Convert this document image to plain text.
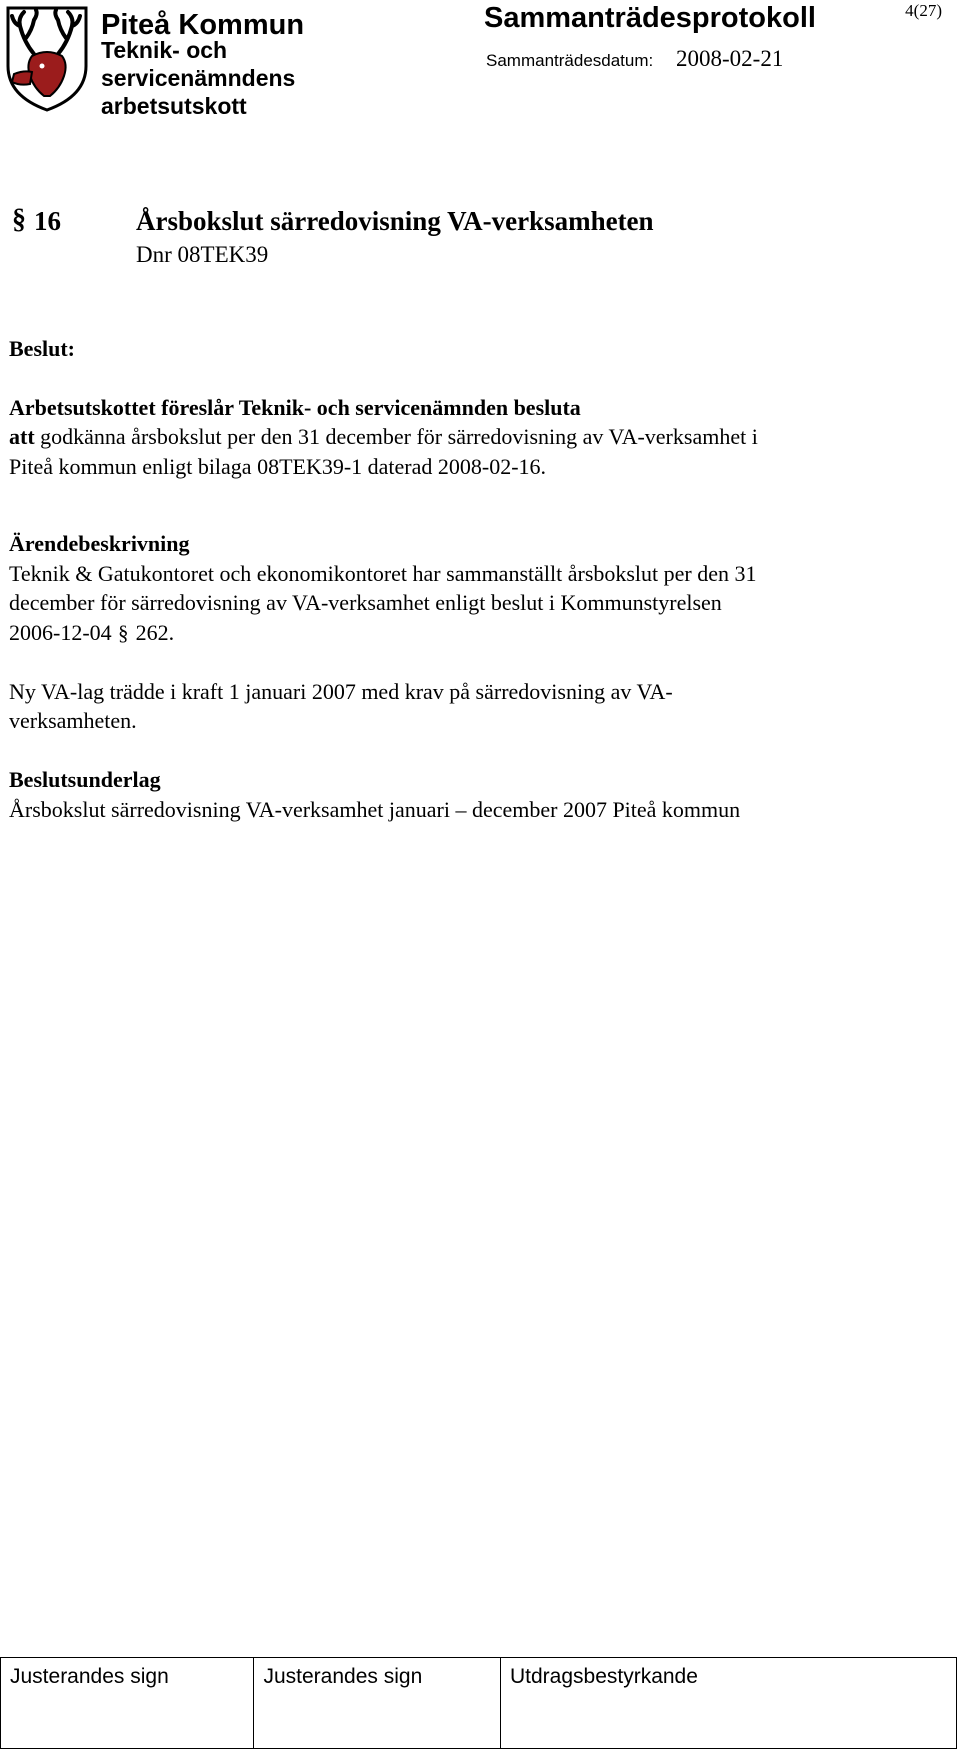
Piteå Kommun
Teknik- och
servicenämndens
arbetsutskott
Sammanträdesprotokoll
Sammanträdesdatum: 2008-02-21
4(27)
§ 16	Årsbokslut särredovisning VA-verksamheten
Dnr 08TEK39
Beslut:
Arbetsutskottet föreslår Teknik- och servicenämnden besluta
att godkänna årsbokslut per den 31 december för särredovisning av VA-verksamhet i
Piteå kommun enligt bilaga 08TEK39-1 daterad 2008-02-16.
Ärendebeskrivning
Teknik & Gatukontoret och ekonomikontoret har sammanställt årsbokslut per den 31
december för särredovisning av VA-verksamhet enligt beslut i Kommunstyrelsen
2006-12-04 § 262.
Ny VA-lag trädde i kraft 1 januari 2007 med krav på särredovisning av VA-
verksamheten.
Beslutsunderlag
Årsbokslut särredovisning VA-verksamhet januari – december 2007 Piteå kommun
Justerandes sign	Justerandes sign	Utdragsbestyrkande
